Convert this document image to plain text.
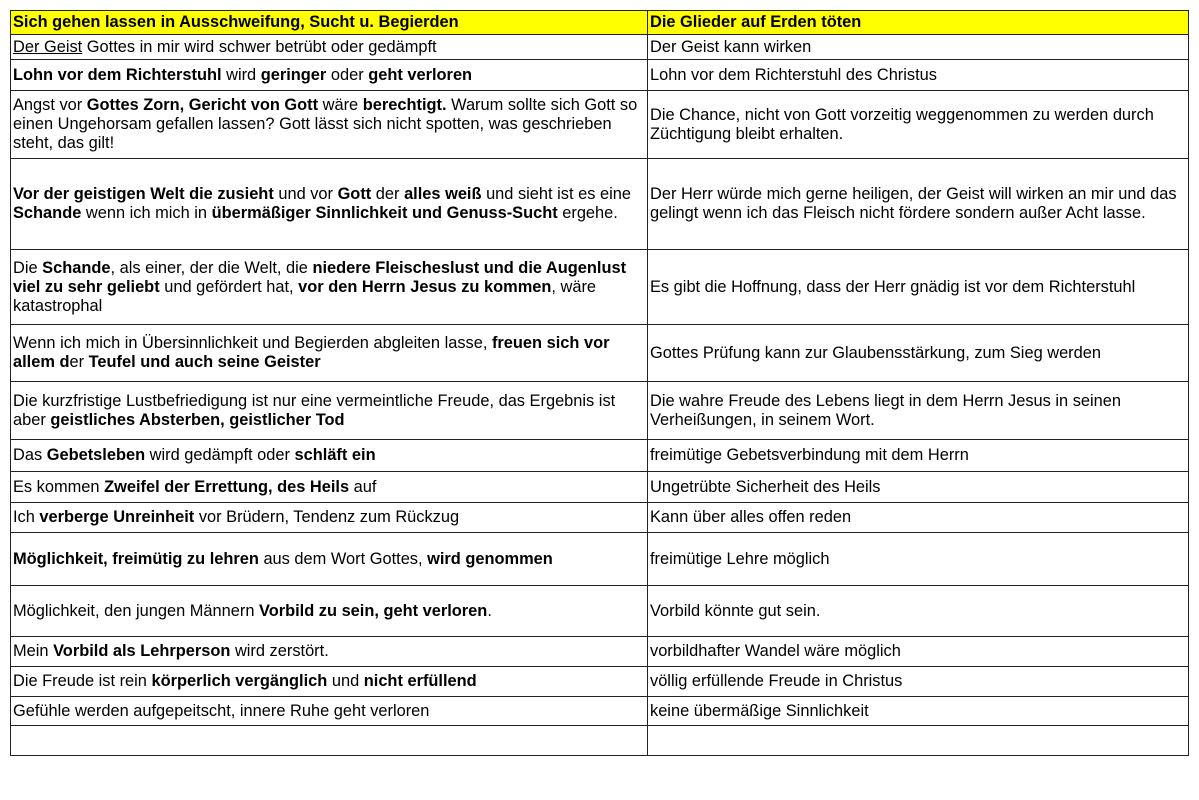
Sich gehen lassen in Ausschweifung, Sucht u. Begierden	Die Glieder auf Erden töten
Der Geist Gottes in mir wird schwer betrübt oder gedämpft	Der Geist kann wirken
Lohn vor dem Richterstuhl wird geringer oder geht verloren	Lohn vor dem Richterstuhl des Christus
Angst vor Gottes Zorn, Gericht von Gott wäre berechtigt. Warum sollte sich Gott so einen Ungehorsam gefallen lassen? Gott lässt sich nicht spotten, was geschrieben steht, das gilt!	Die Chance, nicht von Gott vorzeitig weggenommen zu werden durch Züchtigung bleibt erhalten.
Vor der geistigen Welt die zusieht und vor Gott der alles weiß und sieht ist es eine Schande wenn ich mich in übermäßiger Sinnlichkeit und Genuss-Sucht ergehe.	Der Herr würde mich gerne heiligen, der Geist will wirken an mir und das gelingt wenn ich das Fleisch nicht fördere sondern außer Acht lasse.
Die Schande, als einer, der die Welt, die niedere Fleischeslust und die Augenlust viel zu sehr geliebt und gefördert hat, vor den Herrn Jesus zu kommen, wäre katastrophal	Es gibt die Hoffnung, dass der Herr gnädig ist vor dem Richterstuhl
Wenn ich mich in Übersinnlichkeit und Begierden abgleiten lasse, freuen sich vor allem der Teufel und auch seine Geister	Gottes Prüfung kann zur Glaubensstärkung, zum Sieg werden
Die kurzfristige Lustbefriedigung ist nur eine vermeintliche Freude, das Ergebnis ist aber geistliches Absterben, geistlicher Tod	Die wahre Freude des Lebens liegt in dem Herrn Jesus in seinen Verheißungen, in seinem Wort.
Das Gebetsleben wird gedämpft oder schläft ein	freimütige Gebetsverbindung mit dem Herrn
Es kommen Zweifel der Errettung, des Heils auf	Ungetrübte Sicherheit des Heils
Ich verberge Unreinheit vor Brüdern, Tendenz zum Rückzug	Kann über alles offen reden
Möglichkeit, freimütig zu lehren aus dem Wort Gottes, wird genommen	freimütige Lehre möglich
Möglichkeit, den jungen Männern Vorbild zu sein, geht verloren.	Vorbild könnte gut sein.
Mein Vorbild als Lehrperson wird zerstört.	vorbildhafter Wandel wäre möglich
Die Freude ist rein körperlich vergänglich und nicht erfüllend	völlig erfüllende Freude in Christus
Gefühle werden aufgepeitscht, innere Ruhe geht verloren	keine übermäßige Sinnlichkeit
